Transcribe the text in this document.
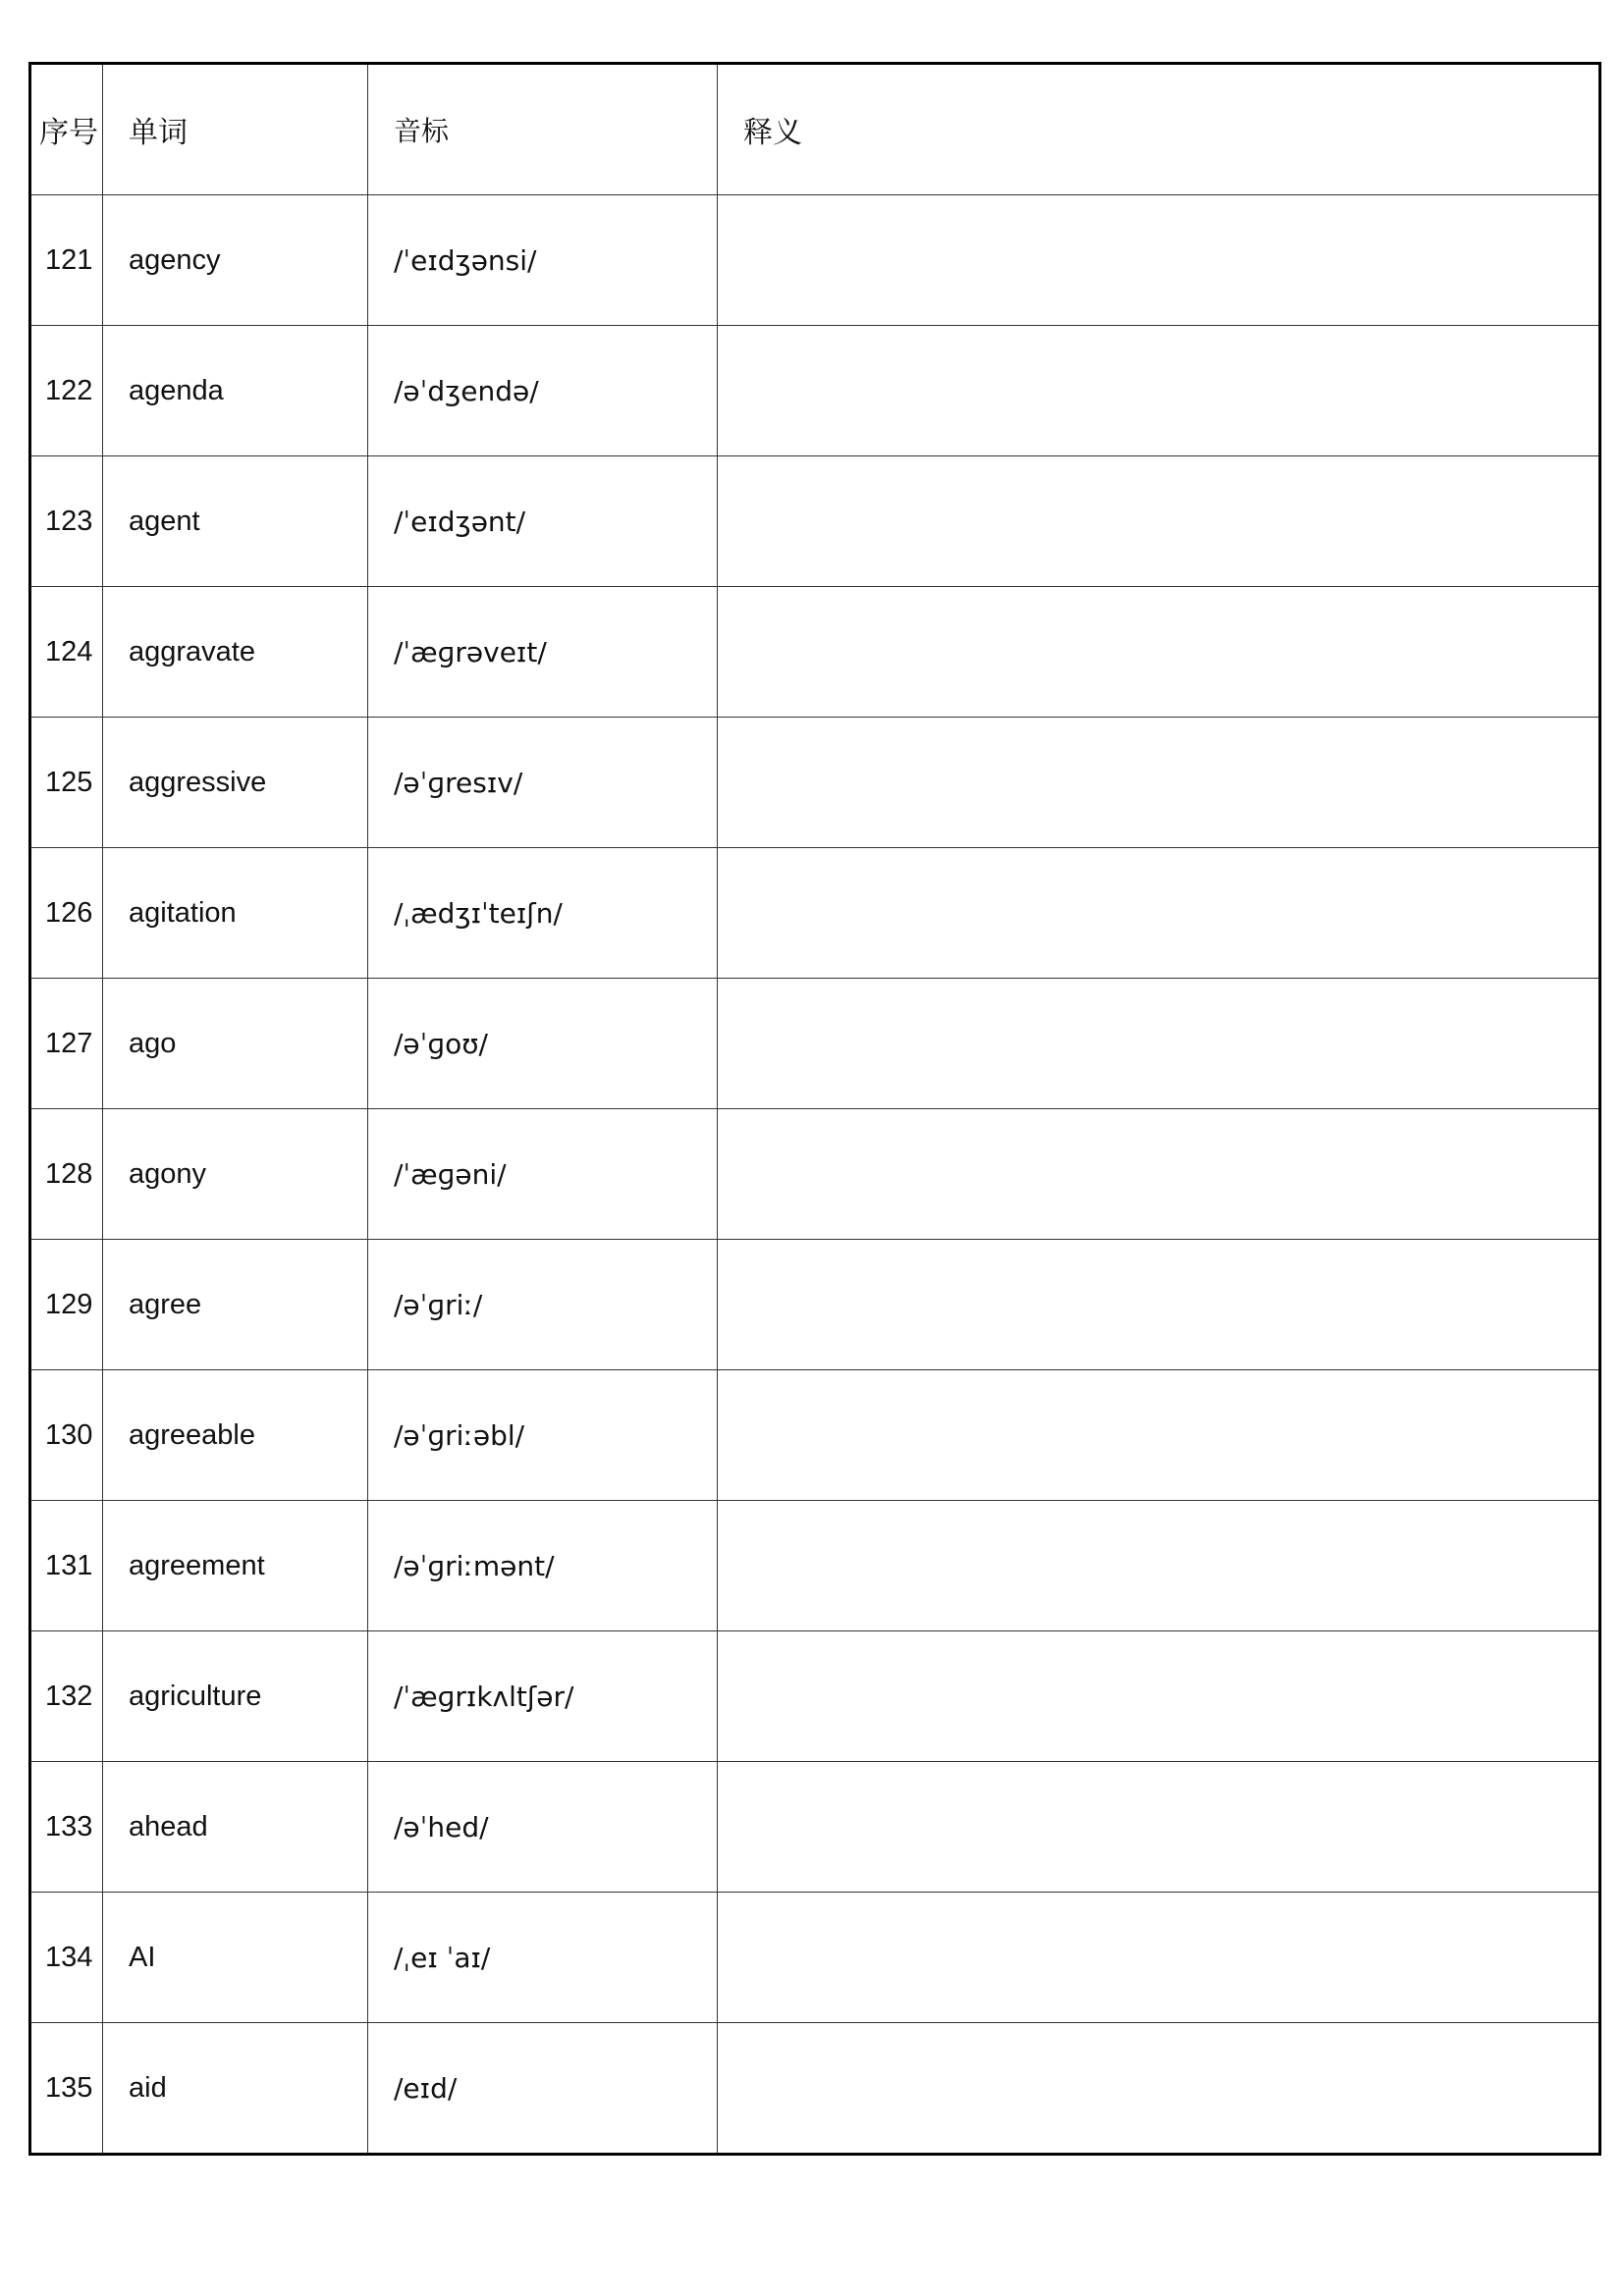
序号	单词	音标	释义
121	agency	/ˈeɪdʒənsi/	
122	agenda	/əˈdʒendə/	
123	agent	/ˈeɪdʒənt/	
124	aggravate	/ˈæɡrəveɪt/	
125	aggressive	/əˈɡresɪv/	
126	agitation	/ˌædʒɪˈteɪʃn/	
127	ago	/əˈɡoʊ/	
128	agony	/ˈæɡəni/	
129	agree	/əˈɡriː/	
130	agreeable	/əˈɡriːəbl/	
131	agreement	/əˈɡriːmənt/	
132	agriculture	/ˈæɡrɪkʌltʃər/	
133	ahead	/əˈhed/	
134	AI	/ˌeɪ ˈaɪ/	
135	aid	/eɪd/	
